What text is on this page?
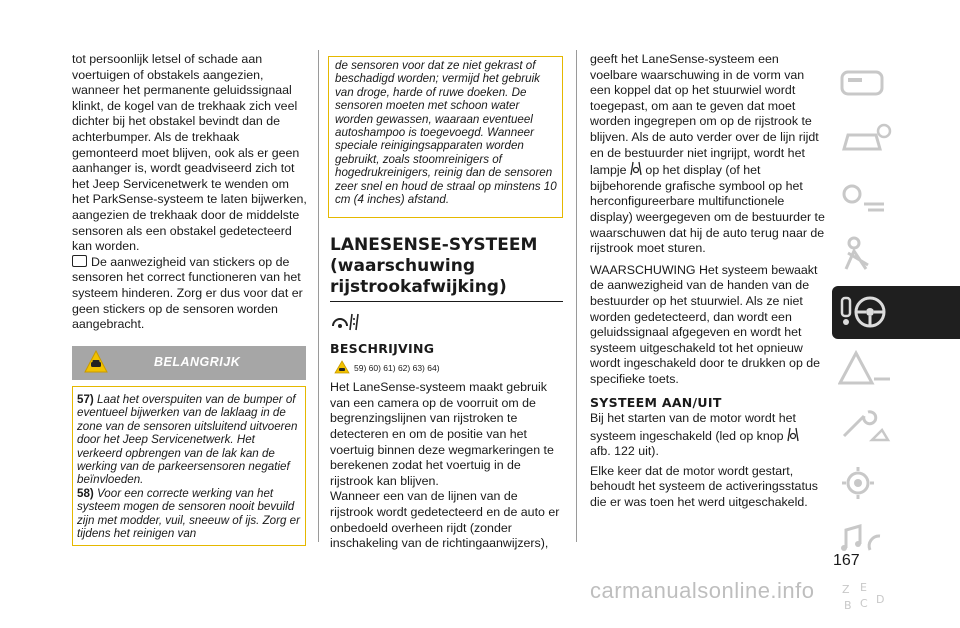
tot persoonlijk letsel of schade aan voertuigen of obstakels aangezien, wanneer het permanente geluidssignaal klinkt, de kogel van de trekhaak zich veel dichter bij het obstakel bevindt dan de achterbumper. Als de trekhaak gemonteerd moet blijven, ook als er geen aanhanger is, wordt geadviseerd zich tot het Jeep Servicenetwerk te wenden om het ParkSense-systeem te laten bijwerken, aangezien de trekhaak door de middelste sensoren als een obstakel gedetecteerd kan worden.

De aanwezigheid van stickers op de sensoren het correct functioneren van het systeem hinderen. Zorg er dus voor dat er geen stickers op de sensoren worden aangebracht.

BELANGRIJK

57) Laat het overspuiten van de bumper of eventueel bijwerken van de laklaag in de zone van de sensoren uitsluitend uitvoeren door het Jeep Servicenetwerk. Het verkeerd opbrengen van de lak kan de werking van de parkeersensoren negatief beïnvloeden.

58) Voor een correcte werking van het systeem mogen de sensoren nooit bevuild zijn met modder, vuil, sneeuw of ijs. Zorg er tijdens het reinigen van

de sensoren voor dat ze niet gekrast of beschadigd worden; vermijd het gebruik van droge, harde of ruwe doeken. De sensoren moeten met schoon water worden gewassen, waaraan eventueel autoshampoo is toegevoegd. Wanneer speciale reinigingsapparaten worden gebruikt, zoals stoomreinigers of hogedrukreinigers, reinig dan de sensoren zeer snel en houd de straal op minstens 10 cm (4 inches) afstand.

LANESENSE-SYSTEEM
(waarschuwing
rijstrookafwijking)
BESCHRIJVING
59) 60) 61) 62) 63) 64)

Het LaneSense-systeem maakt gebruik van een camera op de voorruit om de begrenzingslijnen van rijstroken te detecteren en om de positie van het voertuig binnen deze wegmarkeringen te berekenen zodat het voertuig in de rijstrook kan blijven.

Wanneer een van de lijnen van de rijstrook wordt gedetecteerd en de auto er onbedoeld overheen rijdt (zonder inschakeling van de richtingaanwijzers),

geeft het LaneSense-systeem een voelbare waarschuwing in de vorm van een koppel dat op het stuurwiel wordt toegepast, om aan te geven dat moet worden ingegrepen om op de rijstrook te blijven. Als de auto verder over de lijn rijdt en de bestuurder niet ingrijpt, wordt het lampje op het display (of het bijbehorende grafische symbool op het herconfigureerbare multifunctionele display) weergegeven om de bestuurder te waarschuwen dat hij de auto terug naar de rijstrook moet sturen.

WAARSCHUWING Het systeem bewaakt de aanwezigheid van de handen van de bestuurder op het stuurwiel. Als ze niet worden gedetecteerd, dan wordt een geluidssignaal afgegeven en wordt het systeem uitgeschakeld tot het opnieuw wordt ingeschakeld door te drukken op de specifieke toets.

SYSTEEM AAN/UIT

Bij het starten van de motor wordt het systeem ingeschakeld (led op knop

afb. 122 uit).

Elke keer dat de motor wordt gestart, behoudt het systeem de activeringsstatus die er was toen het werd uitgeschakeld.

Z E
B C D
167
carmanualsonline.info
